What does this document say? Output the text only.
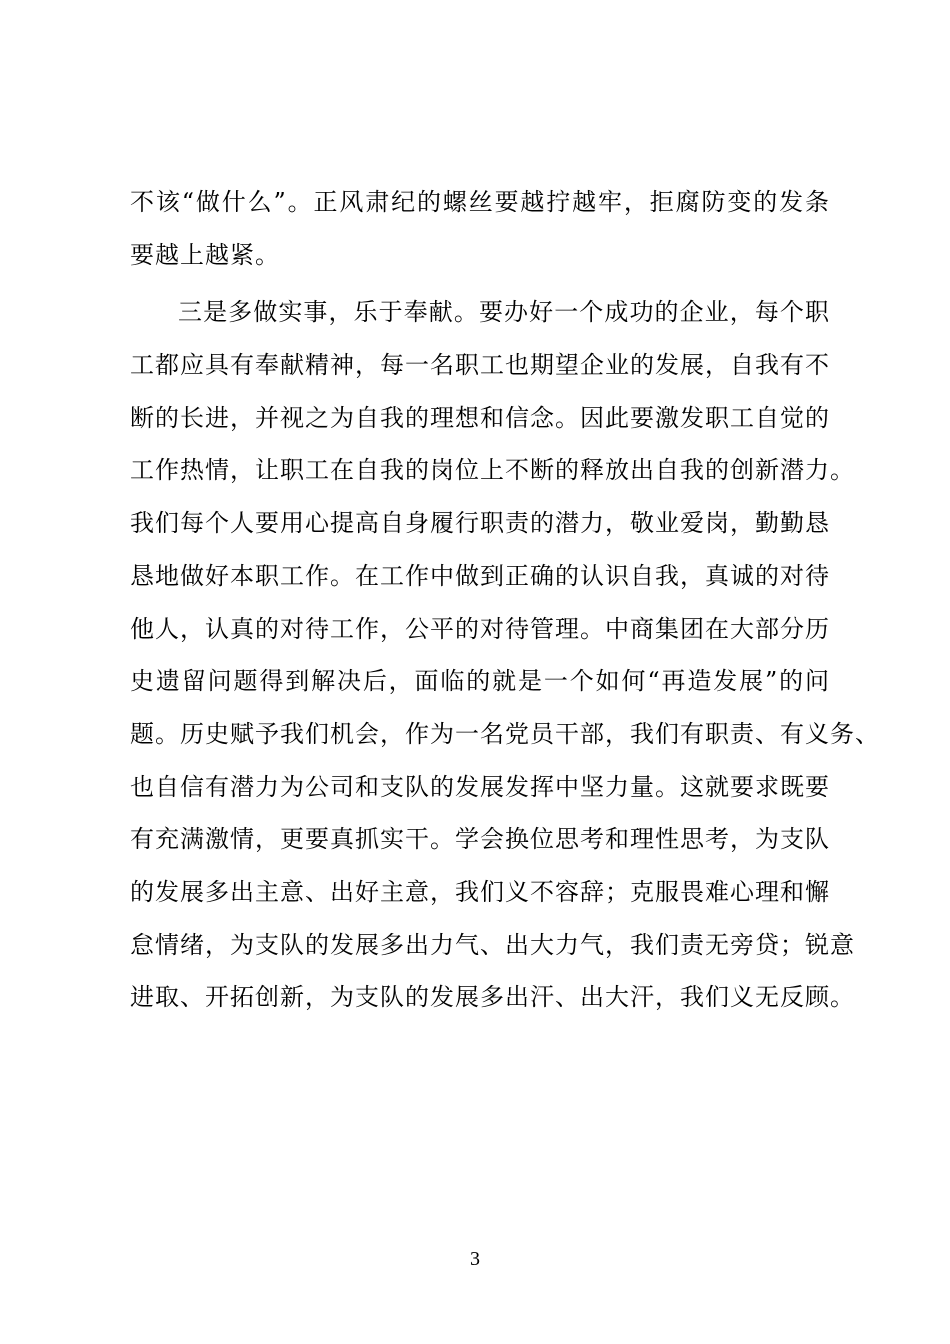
不该“做什么”。正风肃纪的螺丝要越拧越牢，拒腐防变的发条
要越上越紧。
三是多做实事，乐于奉献。要办好一个成功的企业，每个职
工都应具有奉献精神，每一名职工也期望企业的发展，自我有不
断的长进，并视之为自我的理想和信念。因此要激发职工自觉的
工作热情，让职工在自我的岗位上不断的释放出自我的创新潜力。
我们每个人要用心提高自身履行职责的潜力，敬业爱岗，勤勤恳
恳地做好本职工作。在工作中做到正确的认识自我，真诚的对待
他人，认真的对待工作，公平的对待管理。中商集团在大部分历
史遗留问题得到解决后，面临的就是一个如何“再造发展”的问
题。历史赋予我们机会，作为一名党员干部，我们有职责、有义务、
也自信有潜力为公司和支队的发展发挥中坚力量。这就要求既要
有充满激情，更要真抓实干。学会换位思考和理性思考，为支队
的发展多出主意、出好主意，我们义不容辞；克服畏难心理和懈
怠情绪，为支队的发展多出力气、出大力气，我们责无旁贷；锐意
进取、开拓创新，为支队的发展多出汗、出大汗，我们义无反顾。
3
